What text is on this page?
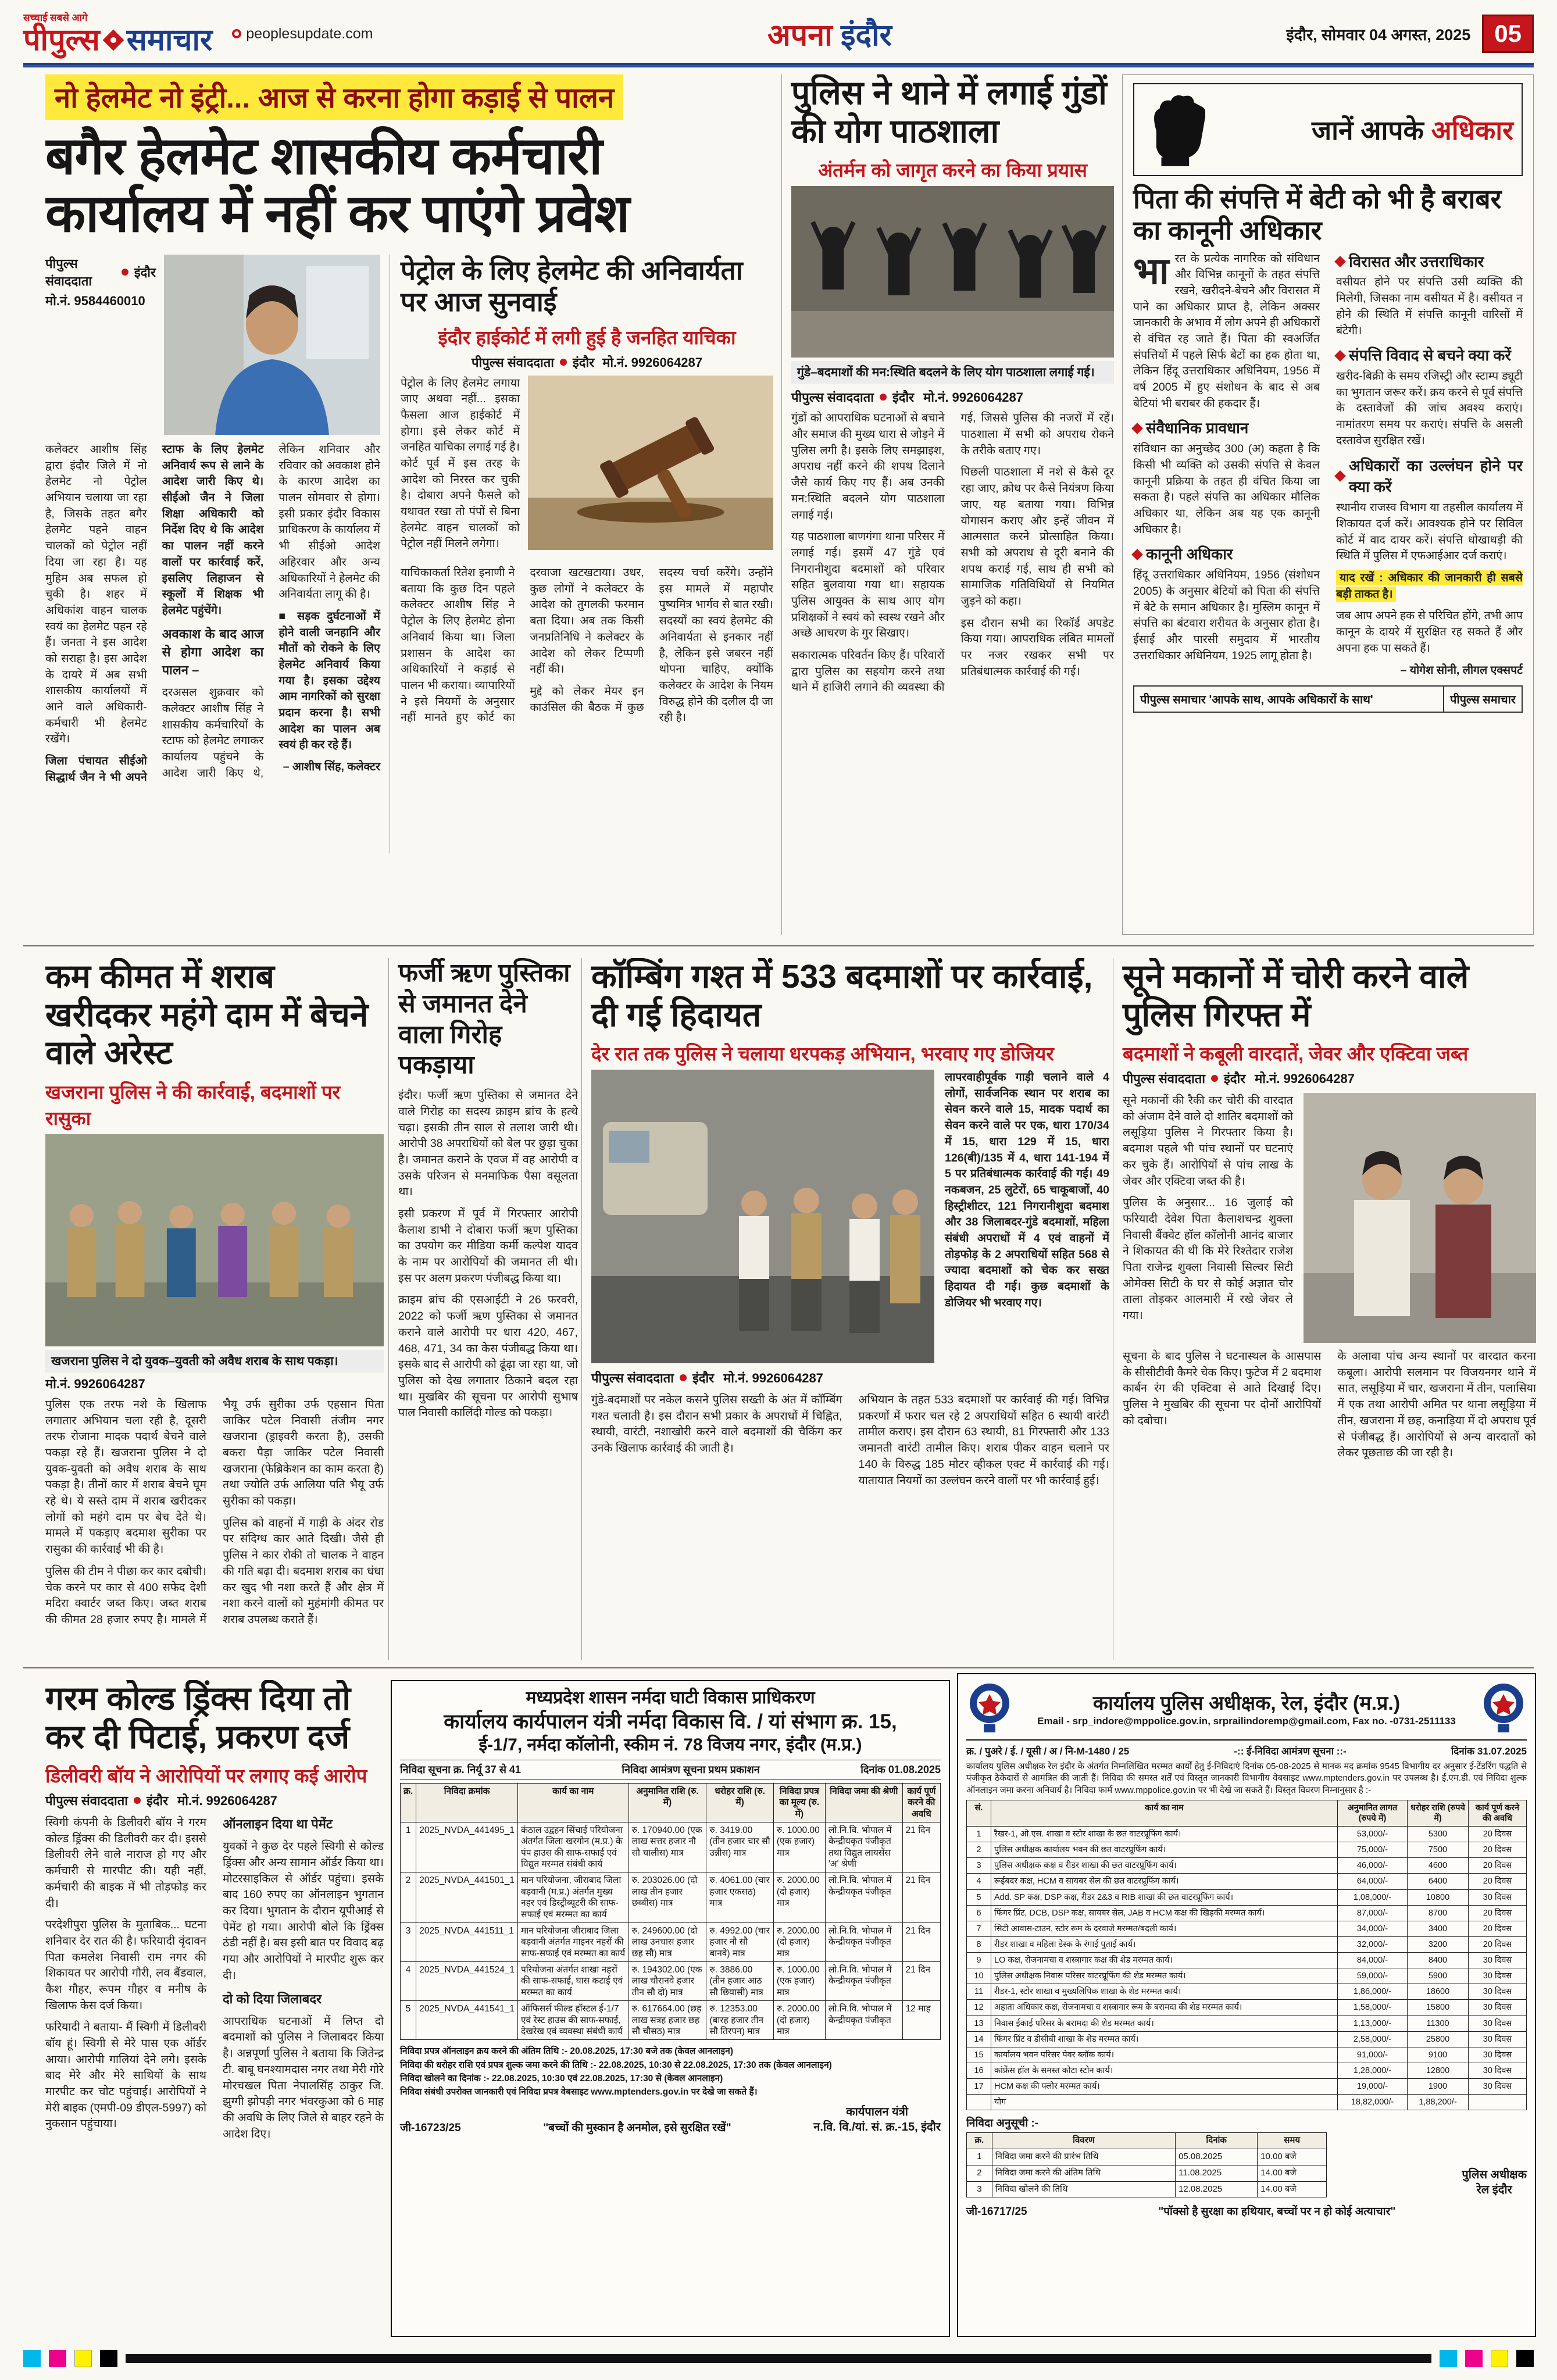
सच्चाई सबसे आगे
पीपुल्स समाचार peoplesupdate.com	अपना इंदौर	इंदौर, सोमवार 04 अगस्त, 2025 05
नो हेलमेट नो इंट्री... आज से करना होगा कड़ाई से पालन
बगैर हेलमेट शासकीय कर्मचारी कार्यालय में नहीं कर पाएंगे प्रवेश
पीपुल्स संवाददाता
इंदौर
मो.नं. 9584460010

कलेक्टर आशीष सिंह द्वारा इंदौर जिले में नो हेलमेट नो पेट्रोल अभियान चलाया जा रहा है, जिसके तहत बगैर हेलमेट पहने वाहन चालकों को पेट्रोल नहीं दिया जा रहा है। यह मुहिम अब सफल हो चुकी है। शहर में अधिकांश वाहन चालक स्वयं का हेलमेट पहन रहे हैं। जनता ने इस आदेश को सराहा है। इस आदेश के दायरे में अब सभी शासकीय कार्यालयों में आने वाले अधिकारी-कर्मचारी भी हेलमेट रखेंगे।

जिला पंचायत सीईओ सिद्धार्थ जैन ने भी अपने स्टाफ के लिए हेलमेट अनिवार्य रूप से लाने के आदेश जारी किए थे। सीईओ जैन ने जिला शिक्षा अधिकारी को निर्देश दिए थे कि आदेश का पालन नहीं करने वालों पर कार्रवाई करें, इसलिए लिहाजन से स्कूलों में शिक्षक भी हेलमेट पहुंचेंगे।

अवकाश के बाद आज से होगा आदेश का पालन –

दरअसल शुक्रवार को कलेक्टर आशीष सिंह ने शासकीय कर्मचारियों के स्टाफ को हेलमेट लगाकर कार्यालय पहुंचने के आदेश जारी किए थे, लेकिन शनिवार और रविवार को अवकाश होने के कारण आदेश का पालन सोमवार से होगा। इसी प्रकार इंदौर विकास प्राधिकरण के कार्यालय में भी सीईओ आदेश अहिरवार और अन्य अधिकारियों ने हेलमेट की अनिवार्यता लागू की है।

■ सड़क दुर्घटनाओं में होने वाली जनहानि और मौतों को रोकने के लिए हेलमेट अनिवार्य किया गया है। इसका उद्देश्य आम नागरिकों को सुरक्षा प्रदान करना है। सभी आदेश का पालन अब स्वयं ही कर रहे हैं।

– आशीष सिंह, कलेक्टर

पेट्रोल के लिए हेलमेट की अनिवार्यता पर आज सुनवाई
इंदौर हाईकोर्ट में लगी हुई है जनहित याचिका
पीपुल्स संवाददाता इंदौर मो.नं. 9926064287

पेट्रोल के लिए हेलमेट लगाया जाए अथवा नहीं... इसका फैसला आज हाईकोर्ट में होगा। इसे लेकर कोर्ट में जनहित याचिका लगाई गई है। कोर्ट पूर्व में इस तरह के आदेश को निरस्त कर चुकी है। दोबारा अपने फैसले को यथावत रखा तो पंपों से बिना हेलमेट वाहन चालकों को पेट्रोल नहीं मिलने लगेगा।

याचिकाकर्ता रितेश इनाणी ने बताया कि कुछ दिन पहले कलेक्टर आशीष सिंह ने पेट्रोल के लिए हेलमेट होना अनिवार्य किया था। जिला प्रशासन के आदेश का अधिकारियों ने कड़ाई से पालन भी कराया। व्यापारियों ने इसे नियमों के अनुसार नहीं मानते हुए कोर्ट का दरवाजा खटखटाया। उधर, कुछ लोगों ने कलेक्टर के आदेश को तुगलकी फरमान बता दिया। अब तक किसी जनप्रतिनिधि ने कलेक्टर के आदेश को लेकर टिप्पणी नहीं की।

मुद्दे को लेकर मेयर इन काउंसिल की बैठक में कुछ सदस्य चर्चा करेंगे। उन्होंने इस मामले में महापौर पुष्यमित्र भार्गव से बात रखी। सदस्यों का स्वयं हेलमेट की अनिवार्यता से इनकार नहीं है, लेकिन इसे जबरन नहीं थोपना चाहिए, क्योंकि कलेक्टर के आदेश के नियम विरुद्ध होने की दलील दी जा रही है।

पुलिस ने थाने में लगाई गुंडों की योग पाठशाला
अंतर्मन को जागृत करने का किया प्रयास
गुंडे–बदमाशों की मन:स्थिति बदलने के लिए योग पाठशाला लगाई गई।
पीपुल्स संवाददाता इंदौर मो.नं. 9926064287

गुंडों को आपराधिक घटनाओं से बचाने और समाज की मुख्य धारा से जोड़ने में पुलिस लगी है। इसके लिए समझाइश, अपराध नहीं करने की शपथ दिलाने जैसे कार्य किए गए हैं। अब उनकी मन:स्थिति बदलने योग पाठशाला लगाई गई।

यह पाठशाला बाणगंगा थाना परिसर में लगाई गई। इसमें 47 गुंडे एवं निगरानीशुदा बदमाशों को परिवार सहित बुलवाया गया था। सहायक पुलिस आयुक्त के साथ आए योग प्रशिक्षकों ने स्वयं को स्वस्थ रखने और अच्छे आचरण के गुर सिखाए।

सकारात्मक परिवर्तन किए हैं। परिवारों द्वारा पुलिस का सहयोग करने तथा थाने में हाजिरी लगाने की व्यवस्था की गई, जिससे पुलिस की नजरों में रहें। पाठशाला में सभी को अपराध रोकने के तरीके बताए गए।

पिछली पाठशाला में नशे से कैसे दूर रहा जाए, क्रोध पर कैसे नियंत्रण किया जाए, यह बताया गया। विभिन्न योगासन कराए और इन्हें जीवन में आत्मसात करने प्रोत्साहित किया। सभी को अपराध से दूरी बनाने की शपथ कराई गई, साथ ही सभी को सामाजिक गतिविधियों से नियमित जुड़ने को कहा।

इस दौरान सभी का रिकॉर्ड अपडेट किया गया। आपराधिक लंबित मामलों पर नजर रखकर सभी पर प्रतिबंधात्मक कार्रवाई की गई।

जानें आपके अधिकार
पिता की संपत्ति में बेटी को भी है बराबर का कानूनी अधिकार

भारत के प्रत्येक नागरिक को संविधान और विभिन्न कानूनों के तहत संपत्ति रखने, खरीदने-बेचने और विरासत में पाने का अधिकार प्राप्त है, लेकिन अक्सर जानकारी के अभाव में लोग अपने ही अधिकारों से वंचित रह जाते हैं। पिता की स्वअर्जित संपत्तियों में पहले सिर्फ बेटों का हक होता था, लेकिन हिंदू उत्तराधिकार अधिनियम, 1956 में वर्ष 2005 में हुए संशोधन के बाद से अब बेटियां भी बराबर की हकदार हैं।

संवैधानिक प्रावधान

संविधान का अनुच्छेद 300 (अ) कहता है कि किसी भी व्यक्ति को उसकी संपत्ति से केवल कानूनी प्रक्रिया के तहत ही वंचित किया जा सकता है। पहले संपत्ति का अधिकार मौलिक अधिकार था, लेकिन अब यह एक कानूनी अधिकार है।

कानूनी अधिकार

हिंदू उत्तराधिकार अधिनियम, 1956 (संशोधन 2005) के अनुसार बेटियों को पिता की संपत्ति में बेटे के समान अधिकार है। मुस्लिम कानून में संपत्ति का बंटवारा शरीयत के अनुसार होता है। ईसाई और पारसी समुदाय में भारतीय उत्तराधिकार अधिनियम, 1925 लागू होता है।

विरासत और उत्तराधिकार

वसीयत होने पर संपत्ति उसी व्यक्ति की मिलेगी, जिसका नाम वसीयत में है। वसीयत न होने की स्थिति में संपत्ति कानूनी वारिसों में बंटेगी।

संपत्ति विवाद से बचने क्या करें

खरीद-बिक्री के समय रजिस्ट्री और स्टाम्प ड्यूटी का भुगतान जरूर करें। क्रय करने से पूर्व संपत्ति के दस्तावेजों की जांच अवश्य कराएं। नामांतरण समय पर कराएं। संपत्ति के असली दस्तावेज सुरक्षित रखें।

अधिकारों का उल्लंघन होने पर क्या करें

स्थानीय राजस्व विभाग या तहसील कार्यालय में शिकायत दर्ज करें। आवश्यक होने पर सिविल कोर्ट में वाद दायर करें। संपत्ति धोखाधड़ी की स्थिति में पुलिस में एफआईआर दर्ज कराएं।

याद रखें : अधिकार की जानकारी ही सबसे बड़ी ताकत है।

जब आप अपने हक से परिचित होंगे, तभी आप कानून के दायरे में सुरक्षित रह सकते हैं और अपना हक पा सकते हैं।

– योगेश सोनी, लीगल एक्सपर्ट

पीपुल्स समाचार 'आपके साथ, आपके अधिकारों के साथ'	पीपुल्स समाचार
कम कीमत में शराब खरीदकर महंगे दाम में बेचने वाले अरेस्ट
खजराना पुलिस ने की कार्रवाई, बदमाशों पर रासुका
खजराना पुलिस ने दो युवक–युवती को अवैध शराब के साथ पकड़ा।
मो.नं. 9926064287

पुलिस एक तरफ नशे के खिलाफ लगातार अभियान चला रही है, दूसरी तरफ रोजाना मादक पदार्थ बेचने वाले पकड़ा रहे हैं। खजराना पुलिस ने दो युवक-युवती को अवैध शराब के साथ पकड़ा है। तीनों कार में शराब बेचने घूम रहे थे। ये सस्ते दाम में शराब खरीदकर लोगों को महंगे दाम पर बेच देते थे। मामले में पकड़ाए बदमाश सुरीका पर रासुका की कार्रवाई भी की है।

पुलिस की टीम ने पीछा कर कार दबोची। चेक करने पर कार से 400 सफेद देशी मदिरा क्वार्टर जब्त किए। जब्त शराब की कीमत 28 हजार रुपए है। मामले में भैयू उर्फ सुरीका उर्फ एहसान पिता जाकिर पटेल निवासी तंजीम नगर खजराना (ड्राइवरी करता है), उसकी बकरा पैड़ा जाकिर पटेल निवासी खजराना (फेब्रिकेशन का काम करता है) तथा ज्योति उर्फ आलिया पति भैयू उर्फ सुरीका को पकड़ा।

पुलिस को वाहनों में गाड़ी के अंदर रोड पर संदिग्ध कार आते दिखी। जैसे ही पुलिस ने कार रोकी तो चालक ने वाहन की गति बढ़ा दी। बदमाश शराब का धंधा कर खुद भी नशा करते हैं और क्षेत्र में नशा करने वालों को मुहंमांगी कीमत पर शराब उपलब्ध कराते हैं।

फर्जी ऋण पुस्तिका से जमानत देने वाला गिरोह पकड़ाया

इंदौर। फर्जी ऋण पुस्तिका से जमानत देने वाले गिरोह का सदस्य क्राइम ब्रांच के हत्थे चढ़ा। इसकी तीन साल से तलाश जारी थी। आरोपी 38 अपराधियों को बेल पर छुड़ा चुका है। जमानत कराने के एवज में वह आरोपी व उसके परिजन से मनमाफिक पैसा वसूलता था।

इसी प्रकरण में पूर्व में गिरफ्तार आरोपी कैलाश डाभी ने दोबारा फर्जी ऋण पुस्तिका का उपयोग कर मीडिया कर्मी कल्पेश यादव के नाम पर आरोपियों की जमानत ली थी। इस पर अलग प्रकरण पंजीबद्ध किया था।

क्राइम ब्रांच की एसआईटी ने 26 फरवरी, 2022 को फर्जी ऋण पुस्तिका से जमानत कराने वाले आरोपी पर धारा 420, 467, 468, 471, 34 का केस पंजीबद्ध किया था। इसके बाद से आरोपी को ढूंढ़ा जा रहा था, जो पुलिस को देख लगातार ठिकाने बदल रहा था। मुखबिर की सूचना पर आरोपी सुभाष पाल निवासी कालिंदी गोल्ड को पकड़ा।

कॉम्बिंग गश्त में 533 बदमाशों पर कार्रवाई, दी गई हिदायत
देर रात तक पुलिस ने चलाया धरपकड़ अभियान, भरवाए गए डोजियर

लापरवाहीपूर्वक गाड़ी चलाने वाले 4 लोगों, सार्वजनिक स्थान पर शराब का सेवन करने वाले 15, मादक पदार्थ का सेवन करने वाले पर एक, धारा 170/34 में 15, धारा 129 में 15, धारा 126(बी)/135 में 4, धारा 141-194 में 5 पर प्रतिबंधात्मक कार्रवाई की गई। 49 नकबजन, 25 लुटेरों, 65 चाकूबाजों, 40 हिस्ट्रीशीटर, 121 निगरानीशुदा बदमाश और 38 जिलाबदर-गुंडे बदमाशों, महिला संबंधी अपराधों में 4 एवं वाहनों में तोड़फोड़ के 2 अपराधियों सहित 568 से ज्यादा बदमाशों को चेक कर सख्त हिदायत दी गई। कुछ बदमाशों के डोजियर भी भरवाए गए।

पीपुल्स संवाददाता इंदौर मो.नं. 9926064287

गुंडे-बदमाशों पर नकेल कसने पुलिस सख्ती के अंत में कॉम्बिंग गश्त चलाती है। इस दौरान सभी प्रकार के अपराधों में चिह्नित, स्थायी, वारंटी, नशाखोरी करने वाले बदमाशों की चैकिंग कर उनके खिलाफ कार्रवाई की जाती है।

अभियान के तहत 533 बदमाशों पर कार्रवाई की गई। विभिन्न प्रकरणों में फरार चल रहे 2 अपराधियों सहित 6 स्थायी वारंटी तामील कराए। इस दौरान 63 स्थायी, 81 गिरफ्तारी और 133 जमानती वारंटी तामील किए। शराब पीकर वाहन चलाने पर 140 के विरुद्ध 185 मोटर व्हीकल एक्ट में कार्रवाई की गई। यातायात नियमों का उल्लंघन करने वालों पर भी कार्रवाई हुई।

सूने मकानों में चोरी करने वाले पुलिस गिरफ्त में
बदमाशों ने कबूली वारदातें, जेवर और एक्टिवा जब्त
पीपुल्स संवाददाता इंदौर मो.नं. 9926064287

सूने मकानों की रैकी कर चोरी की वारदात को अंजाम देने वाले दो शातिर बदमाशों को लसूड़िया पुलिस ने गिरफ्तार किया है। बदमाश पहले भी पांच स्थानों पर घटनाएं कर चुके हैं। आरोपियों से पांच लाख के जेवर और एक्टिवा जब्त की है।

पुलिस के अनुसार... 16 जुलाई को फरियादी देवेश पिता कैलाशचन्द्र शुक्ला निवासी बैंक्वेट हॉल कॉलोनी आनंद बाजार ने शिकायत की थी कि मेरे रिश्तेदार राजेश पिता राजेन्द्र शुक्ला निवासी सिल्वर सिटी ओमेक्स सिटी के घर से कोई अज्ञात चोर ताला तोड़कर आलमारी में रखे जेवर ले गया।

सूचना के बाद पुलिस ने घटनास्थल के आसपास के सीसीटीवी कैमरे चेक किए। फुटेज में 2 बदमाश कार्बन रंग की एक्टिवा से आते दिखाई दिए। पुलिस ने मुखबिर की सूचना पर दोनों आरोपियों को दबोचा।

के अलावा पांच अन्य स्थानों पर वारदात करना कबूला। आरोपी सलमान पर विजयनगर थाने में सात, लसूड़िया में चार, खजराना में तीन, पलासिया में एक तथा आरोपी अमित पर थाना लसूड़िया में तीन, खजराना में छह, कनाड़िया में दो अपराध पूर्व से पंजीबद्ध हैं। आरोपियों से अन्य वारदातों को लेकर पूछताछ की जा रही है।

गरम कोल्ड ड्रिंक्स दिया तो कर दी पिटाई, प्रकरण दर्ज
डिलीवरी बॉय ने आरोपियों पर लगाए कई आरोप
पीपुल्स संवाददाता इंदौर मो.नं. 9926064287

स्विगी कंपनी के डिलीवरी बॉय ने गरम कोल्ड ड्रिंक्स की डिलीवरी कर दी। इससे डिलीवरी लेने वाले नाराज हो गए और कर्मचारी से मारपीट की। यही नहीं, कर्मचारी की बाइक में भी तोड़फोड़ कर दी।

परदेशीपुरा पुलिस के मुताबिक... घटना शनिवार देर रात की है। फरियादी वृंदावन पिता कमलेश निवासी राम नगर की शिकायत पर आरोपी गौरी, लव बैंडवाल, कैश गौहर, रूपम गौहर व मनीष के खिलाफ केस दर्ज किया।

फरियादी ने बताया- मैं स्विगी में डिलीवरी बॉय हूं। स्विगी से मेरे पास एक ऑर्डर आया। आरोपी गालियां देने लगे। इसके बाद मेरे और मेरे साथियों के साथ मारपीट कर चोट पहुंचाई। आरोपियों ने मेरी बाइक (एमपी-09 डीएल-5997) को नुकसान पहुंचाया।

ऑनलाइन दिया था पेमेंट

युवकों ने कुछ देर पहले स्विगी से कोल्ड ड्रिंक्स और अन्य सामान ऑर्डर किया था। मोटरसाइकिल से ऑर्डर पहुंचा। इसके बाद 160 रुपए का ऑनलाइन भुगतान कर दिया। भुगतान के दौरान यूपीआई से पेमेंट हो गया। आरोपी बोले कि ड्रिंक्स ठंडी नहीं है। बस इसी बात पर विवाद बढ़ गया और आरोपियों ने मारपीट शुरू कर दी।

दो को दिया जिलाबदर

आपराधिक घटनाओं में लिप्त दो बदमाशों को पुलिस ने जिलाबदर किया है। अन्नपूर्णा पुलिस ने बताया कि जितेन्द्र टी. बाबू घनश्यामदास नगर तथा मेरी गोरे मोरचखल पिता नेपालसिंह ठाकुर जि. झुग्गी झोपड़ी नगर भंवरकुआ को 6 माह की अवधि के लिए जिले से बाहर रहने के आदेश दिए।

मध्यप्रदेश शासन नर्मदा घाटी विकास प्राधिकरण
कार्यालय कार्यपालन यंत्री नर्मदा विकास वि. / यां संभाग क्र. 15,
ई-1/7, नर्मदा कॉलोनी, स्कीम नं. 78 विजय नगर, इंदौर (म.प्र.)
निविदा सूचना क्र. निर्यू 37 से 41	निविदा आमंत्रण सूचना प्रथम प्रकाशन	दिनांक 01.08.2025
क्र.	निविदा क्रमांक	कार्य का नाम	अनुमानित राशि (रु. में)	धरोहर राशि (रु. में)	निविदा प्रपत्र का मूल्य (रु. में)	निविदा जमा की श्रेणी	कार्य पूर्ण करने की अवधि
1	2025_NVDA_441495_1	कंठाल उद्वहन सिंचाई परियोजना अंतर्गत जिला खरगोन (म.प्र.) के पंप हाउस की साफ-सफाई एवं विद्युत मरम्मत संबंधी कार्य	रु. 170940.00 (एक लाख सत्तर हजार नौ सौ चालीस) मात्र	रु. 3419.00 (तीन हजार चार सौ उन्नीस) मात्र	रु. 1000.00 (एक हजार) मात्र	लो.नि.वि. भोपाल में केन्द्रीयकृत पंजीकृत तथा विद्युत लायसेंस 'अ' श्रेणी	21 दिन
2	2025_NVDA_441501_1	मान परियोजना, जीराबाद जिला बड़वानी (म.प्र.) अंतर्गत मुख्य नहर एवं डिस्ट्रीब्यूटरी की साफ-सफाई एवं मरम्मत का कार्य	रु. 203026.00 (दो लाख तीन हजार छब्बीस) मात्र	रु. 4061.00 (चार हजार एकसठ) मात्र	रु. 2000.00 (दो हजार) मात्र	लो.नि.वि. भोपाल में केन्द्रीयकृत पंजीकृत	21 दिन
3	2025_NVDA_441511_1	मान परियोजना जीराबाद जिला बड़वानी अंतर्गत माइनर नहरों की साफ-सफाई एवं मरम्मत का कार्य	रु. 249600.00 (दो लाख उनचास हजार छह सौ) मात्र	रु. 4992.00 (चार हजार नौ सौ बानवे) मात्र	रु. 2000.00 (दो हजार) मात्र	लो.नि.वि. भोपाल में केन्द्रीयकृत पंजीकृत	21 दिन
4	2025_NVDA_441524_1	परियोजना अंतर्गत शाखा नहरों की साफ-सफाई, घास कटाई एवं मरम्मत का कार्य	रु. 194302.00 (एक लाख चौरानवे हजार तीन सौ दो) मात्र	रु. 3886.00 (तीन हजार आठ सौ छियासी) मात्र	रु. 1000.00 (एक हजार) मात्र	लो.नि.वि. भोपाल में केन्द्रीयकृत पंजीकृत	21 दिन
5	2025_NVDA_441541_1	ऑफिसर्स फील्ड हॉस्टल ई-1/7 एवं रेस्ट हाउस की साफ-सफाई, देखरेख एवं व्यवस्था संबंधी कार्य	रु. 617664.00 (छह लाख सत्रह हजार छह सौ चौसठ) मात्र	रु. 12353.00 (बारह हजार तीन सौ तिरपन) मात्र	रु. 2000.00 (दो हजार) मात्र	लो.नि.वि. भोपाल में केन्द्रीयकृत पंजीकृत	12 माह

निविदा प्रपत्र ऑनलाइन क्रय करने की अंतिम तिथि :- 20.08.2025, 17:30 बजे तक (केवल आनलाइन)

निविदा की धरोहर राशि एवं प्रपत्र शुल्क जमा करने की तिथि :- 22.08.2025, 10:30 से 22.08.2025, 17:30 तक (केवल आनलाइन)

निविदा खोलने का दिनांक :- 22.08.2025, 10:30 एवं 22.08.2025, 17:30 से (केवल आनलाइन)

निविदा संबंधी उपरोक्त जानकारी एवं निविदा प्रपत्र वेबसाइट www.mptenders.gov.in पर देखे जा सकते हैं।

जी-16723/25	"बच्चों की मुस्कान है अनमोल, इसे सुरक्षित रखें"
कार्यपालन यंत्री
न.वि. वि./यां. सं. क्र.-15, इंदौर
कार्यालय पुलिस अधीक्षक, रेल, इंदौर (म.प्र.)
Email - srp_indore@mppolice.gov.in, srprailindoremp@gmail.com, Fax no. -0731-2511133
क्र. / पुअरे / ई. / यूसी / अ / नि-M-1480 / 25	-:: ई-निविदा आमंत्रण सूचना ::-	दिनांक 31.07.2025

कार्यालय पुलिस अधीक्षक रेल इंदौर के अंतर्गत निम्नलिखित मरम्मत कार्यों हेतु ई-निविदाएं दिनांक 05-08-2025 से मानक मद क्रमांक 9545 विभागीय दर अनुसार ई-टेंडरिंग पद्धति से पंजीकृत ठेकेदारों से आमंत्रित की जाती हैं। निविदा की समस्त शर्तें एवं विस्तृत जानकारी विभागीय वेबसाइट www.mptenders.gov.in पर उपलब्ध है। ई.एम.डी. एवं निविदा शुल्क ऑनलाइन जमा करना अनिवार्य है। निविदा फार्म www.mppolice.gov.in पर भी देखे जा सकते हैं। विस्तृत विवरण निम्नानुसार है :-

सं.	कार्य का नाम	अनुमानित लागत (रुपये में)	धरोहर राशि (रुपये में)	कार्य पूर्ण करने की अवधि
1	रैखर-1, ओ.एस. शाखा व स्टोर शाखा के छत वाटरप्रूफिंग कार्य।	53,000/-	5300	20 दिवस
2	पुलिस अधीक्षक कार्यालय भवन की छत वाटरप्रूफिंग कार्य।	75,000/-	7500	20 दिवस
3	पुलिस अधीक्षक कक्ष व रीडर शाखा की छत वाटरप्रूफिंग कार्य।	46,000/-	4600	20 दिवस
4	रूईबदर कक्ष, HCM व सायबर सेल की छत वाटरप्रूफिंग कार्य।	64,000/-	6400	20 दिवस
5	Add. SP कक्ष, DSP कक्ष, रीडर 2&3 व RIB शाखा की छत वाटरप्रूफिंग कार्य।	1,08,000/-	10800	30 दिवस
6	फिंगर प्रिंट, DCB, DSP कक्ष, सायबर सेल, JAB व HCM कक्ष की खिड़की मरम्मत कार्य।	87,000/-	8700	20 दिवस
7	सिटी आवास-टाउन, स्टोर रूम के दरवाजे मरम्मत/बदली कार्य।	34,000/-	3400	20 दिवस
8	रीडर शाखा व महिला डेस्क के रंगाई पुताई कार्य।	32,000/-	3200	20 दिवस
9	LO कक्ष, रोजनामचा व शस्त्रागार कक्ष की शेड मरम्मत कार्य।	84,000/-	8400	30 दिवस
10	पुलिस अधीक्षक निवास परिसर वाटरप्रूफिंग की शेड मरम्मत कार्य।	59,000/-	5900	30 दिवस
11	रीडर-1, स्टोर शाखा व मुख्यलिपिक शाखा के शेड मरम्मत कार्य।	1,86,000/-	18600	30 दिवस
12	अहाता अधिकार कक्ष, रोजनामचा व शस्त्रागार रूम के बरामदा की शेड मरम्मत कार्य।	1,58,000/-	15800	30 दिवस
13	निवास ईकाई परिसर के बरामदा की शेड मरम्मत कार्य।	1,13,000/-	11300	30 दिवस
14	फिंगर प्रिंट व डीसीबी शाखा के शेड मरम्मत कार्य।	2,58,000/-	25800	30 दिवस
15	कार्यालय भवन परिसर पेवर ब्लॉक कार्य।	91,000/-	9100	30 दिवस
16	कांफ्रेंस हॉल के समस्त कोटा स्टोन कार्य।	1,28,000/-	12800	30 दिवस
17	HCM कक्ष की फ्लोर मरम्मत कार्य।	19,000/-	1900	30 दिवस
	योग	18,82,000/-	1,88,200/-	
निविदा अनुसूची :-
क्र.	विवरण	दिनांक	समय
1	निविदा जमा करने की प्रारंभ तिथि	05.08.2025	10.00 बजे
2	निविदा जमा करने की अंतिम तिथि	11.08.2025	14.00 बजे
3	निविदा खोलने की तिथि	12.08.2025	14.00 बजे
पुलिस अधीक्षक
रेल इंदौर
जी-16717/25	"पॉक्सो है सुरक्षा का हथियार, बच्चों पर न हो कोई अत्याचार"
